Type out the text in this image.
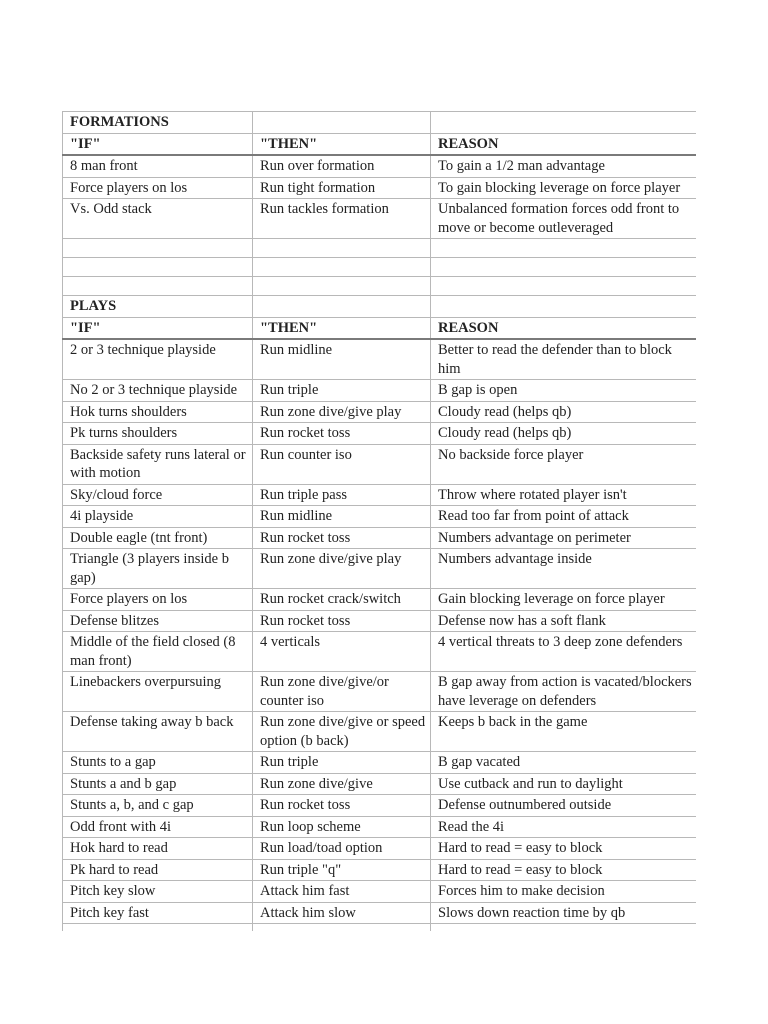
FORMATIONS		
"IF"	"THEN"	REASON
8 man front	Run over formation	To gain a 1/2 man advantage
Force players on los	Run tight formation	To gain blocking leverage on force player
Vs. Odd stack	Run tackles formation	Unbalanced formation forces odd front to move or become outleveraged

PLAYS		
"IF"	"THEN"	REASON
2 or 3 technique playside	Run midline	Better to read the defender than to block him
No 2 or 3 technique playside	Run triple	B gap is open
Hok turns shoulders	Run zone dive/give play	Cloudy read (helps qb)
Pk turns shoulders	Run rocket toss	Cloudy read (helps qb)
Backside safety runs lateral or with motion	Run counter iso	No backside force player
Sky/cloud force	Run triple pass	Throw where rotated player isn't
4i playside	Run midline	Read too far from point of attack
Double eagle (tnt front)	Run rocket toss	Numbers advantage on perimeter
Triangle (3 players inside b gap)	Run zone dive/give play	Numbers advantage inside
Force players on los	Run rocket crack/switch	Gain blocking leverage on force player
Defense blitzes	Run rocket toss	Defense now has a soft flank
Middle of the field closed (8 man front)	4 verticals	4 vertical threats to 3 deep zone defenders
Linebackers overpursuing	Run zone dive/give/or counter iso	B gap away from action is vacated/blockers have leverage on defenders
Defense taking away b back	Run zone dive/give or speed option (b back)	Keeps b back in the game
Stunts to a gap	Run triple	B gap vacated
Stunts a and b gap	Run zone dive/give	Use cutback and run to daylight
Stunts a, b, and c gap	Run rocket toss	Defense outnumbered outside
Odd front with 4i	Run loop scheme	Read the 4i
Hok hard to read	Run load/toad option	Hard to read = easy to block
Pk hard to read	Run triple "q"	Hard to read = easy to block
Pitch key slow	Attack him fast	Forces him to make decision
Pitch key fast	Attack him slow	Slows down reaction time by qb
